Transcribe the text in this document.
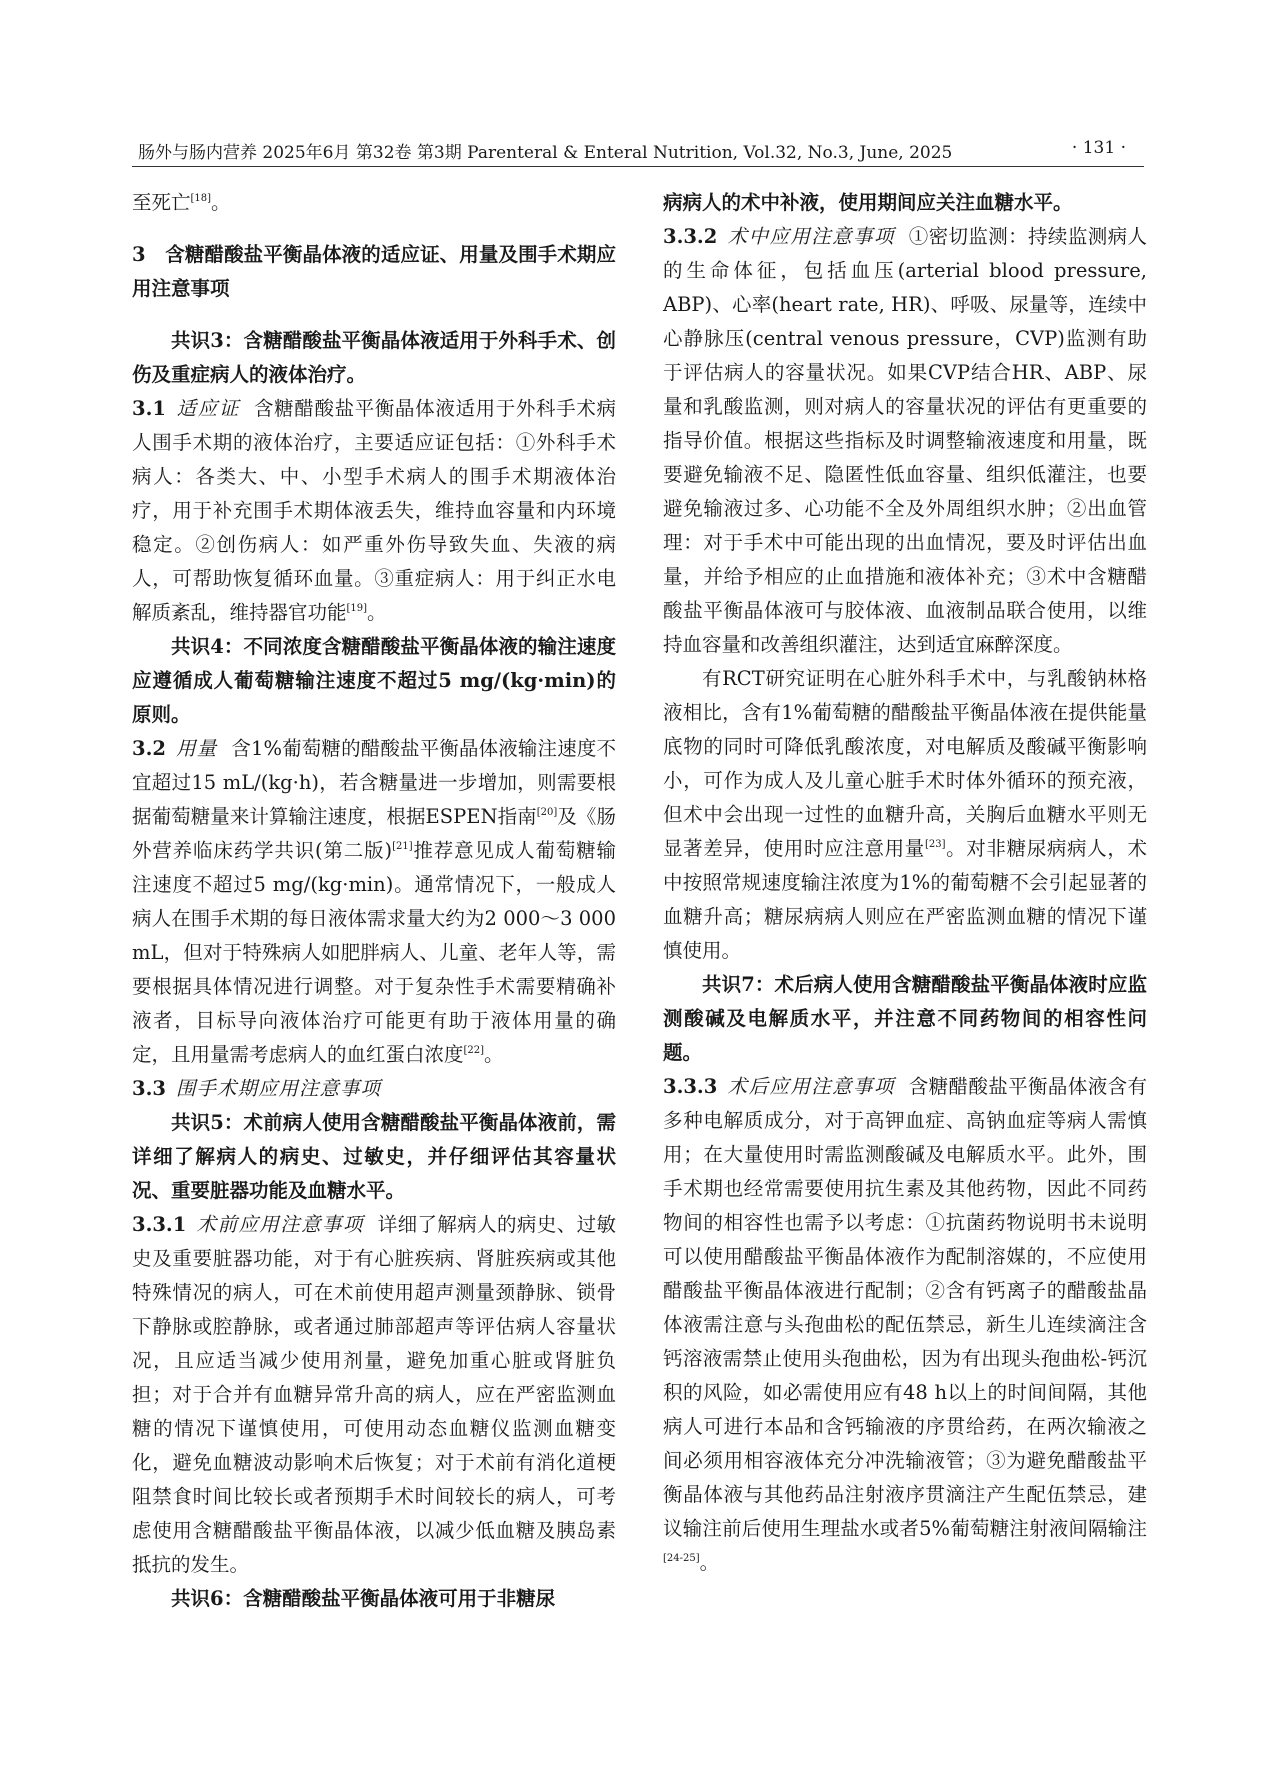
肠外与肠内营养 2025年6月 第32卷 第3期 Parenteral & Enteral Nutrition, Vol.32, No.3, June, 2025	· 131 ·

至死亡[18]。

3　含糖醋酸盐平衡晶体液的适应证、用量及围手术期应用注意事项

共识3：含糖醋酸盐平衡晶体液适用于外科手术、创伤及重症病人的液体治疗。

3.1 适应证 含糖醋酸盐平衡晶体液适用于外科手术病人围手术期的液体治疗，主要适应证包括：①外科手术病人：各类大、中、小型手术病人的围手术期液体治疗，用于补充围手术期体液丢失，维持血容量和内环境稳定。②创伤病人：如严重外伤导致失血、失液的病人，可帮助恢复循环血量。③重症病人：用于纠正水电解质紊乱，维持器官功能[19]。

共识4：不同浓度含糖醋酸盐平衡晶体液的输注速度应遵循成人葡萄糖输注速度不超过5 mg/(kg·min)的原则。

3.2 用量 含1%葡萄糖的醋酸盐平衡晶体液输注速度不宜超过15 mL/(kg·h)，若含糖量进一步增加，则需要根据葡萄糖量来计算输注速度，根据ESPEN指南[20]及《肠外营养临床药学共识(第二版)[21]推荐意见成人葡萄糖输注速度不超过5 mg/(kg·min)。通常情况下，一般成人病人在围手术期的每日液体需求量大约为2 000～3 000 mL，但对于特殊病人如肥胖病人、儿童、老年人等，需要根据具体情况进行调整。对于复杂性手术需要精确补液者，目标导向液体治疗可能更有助于液体用量的确定，且用量需考虑病人的血红蛋白浓度[22]。

3.3 围手术期应用注意事项

共识5：术前病人使用含糖醋酸盐平衡晶体液前，需详细了解病人的病史、过敏史，并仔细评估其容量状况、重要脏器功能及血糖水平。

3.3.1 术前应用注意事项 详细了解病人的病史、过敏史及重要脏器功能，对于有心脏疾病、肾脏疾病或其他特殊情况的病人，可在术前使用超声测量颈静脉、锁骨下静脉或腔静脉，或者通过肺部超声等评估病人容量状况，且应适当减少使用剂量，避免加重心脏或肾脏负担；对于合并有血糖异常升高的病人，应在严密监测血糖的情况下谨慎使用，可使用动态血糖仪监测血糖变化，避免血糖波动影响术后恢复；对于术前有消化道梗阻禁食时间比较长或者预期手术时间较长的病人，可考虑使用含糖醋酸盐平衡晶体液，以减少低血糖及胰岛素抵抗的发生。

共识6：含糖醋酸盐平衡晶体液可用于非糖尿

病病人的术中补液，使用期间应关注血糖水平。

3.3.2 术中应用注意事项 ①密切监测：持续监测病人的生命体征，包括血压(arterial blood pressure, ABP)、心率(heart rate, HR)、呼吸、尿量等，连续中心静脉压(central venous pressure，CVP)监测有助于评估病人的容量状况。如果CVP结合HR、ABP、尿量和乳酸监测，则对病人的容量状况的评估有更重要的指导价值。根据这些指标及时调整输液速度和用量，既要避免输液不足、隐匿性低血容量、组织低灌注，也要避免输液过多、心功能不全及外周组织水肿；②出血管理：对于手术中可能出现的出血情况，要及时评估出血量，并给予相应的止血措施和液体补充；③术中含糖醋酸盐平衡晶体液可与胶体液、血液制品联合使用，以维持血容量和改善组织灌注，达到适宜麻醉深度。

有RCT研究证明在心脏外科手术中，与乳酸钠林格液相比，含有1%葡萄糖的醋酸盐平衡晶体液在提供能量底物的同时可降低乳酸浓度，对电解质及酸碱平衡影响小，可作为成人及儿童心脏手术时体外循环的预充液，但术中会出现一过性的血糖升高，关胸后血糖水平则无显著差异，使用时应注意用量[23]。对非糖尿病病人，术中按照常规速度输注浓度为1%的葡萄糖不会引起显著的血糖升高；糖尿病病人则应在严密监测血糖的情况下谨慎使用。

共识7：术后病人使用含糖醋酸盐平衡晶体液时应监测酸碱及电解质水平，并注意不同药物间的相容性问题。

3.3.3 术后应用注意事项 含糖醋酸盐平衡晶体液含有多种电解质成分，对于高钾血症、高钠血症等病人需慎用；在大量使用时需监测酸碱及电解质水平。此外，围手术期也经常需要使用抗生素及其他药物，因此不同药物间的相容性也需予以考虑：①抗菌药物说明书未说明可以使用醋酸盐平衡晶体液作为配制溶媒的，不应使用醋酸盐平衡晶体液进行配制；②含有钙离子的醋酸盐晶体液需注意与头孢曲松的配伍禁忌，新生儿连续滴注含钙溶液需禁止使用头孢曲松，因为有出现头孢曲松-钙沉积的风险，如必需使用应有48 h以上的时间间隔，其他病人可进行本品和含钙输液的序贯给药，在两次输液之间必须用相容液体充分冲洗输液管；③为避免醋酸盐平衡晶体液与其他药品注射液序贯滴注产生配伍禁忌，建议输注前后使用生理盐水或者5%葡萄糖注射液间隔输注[24-25]。
